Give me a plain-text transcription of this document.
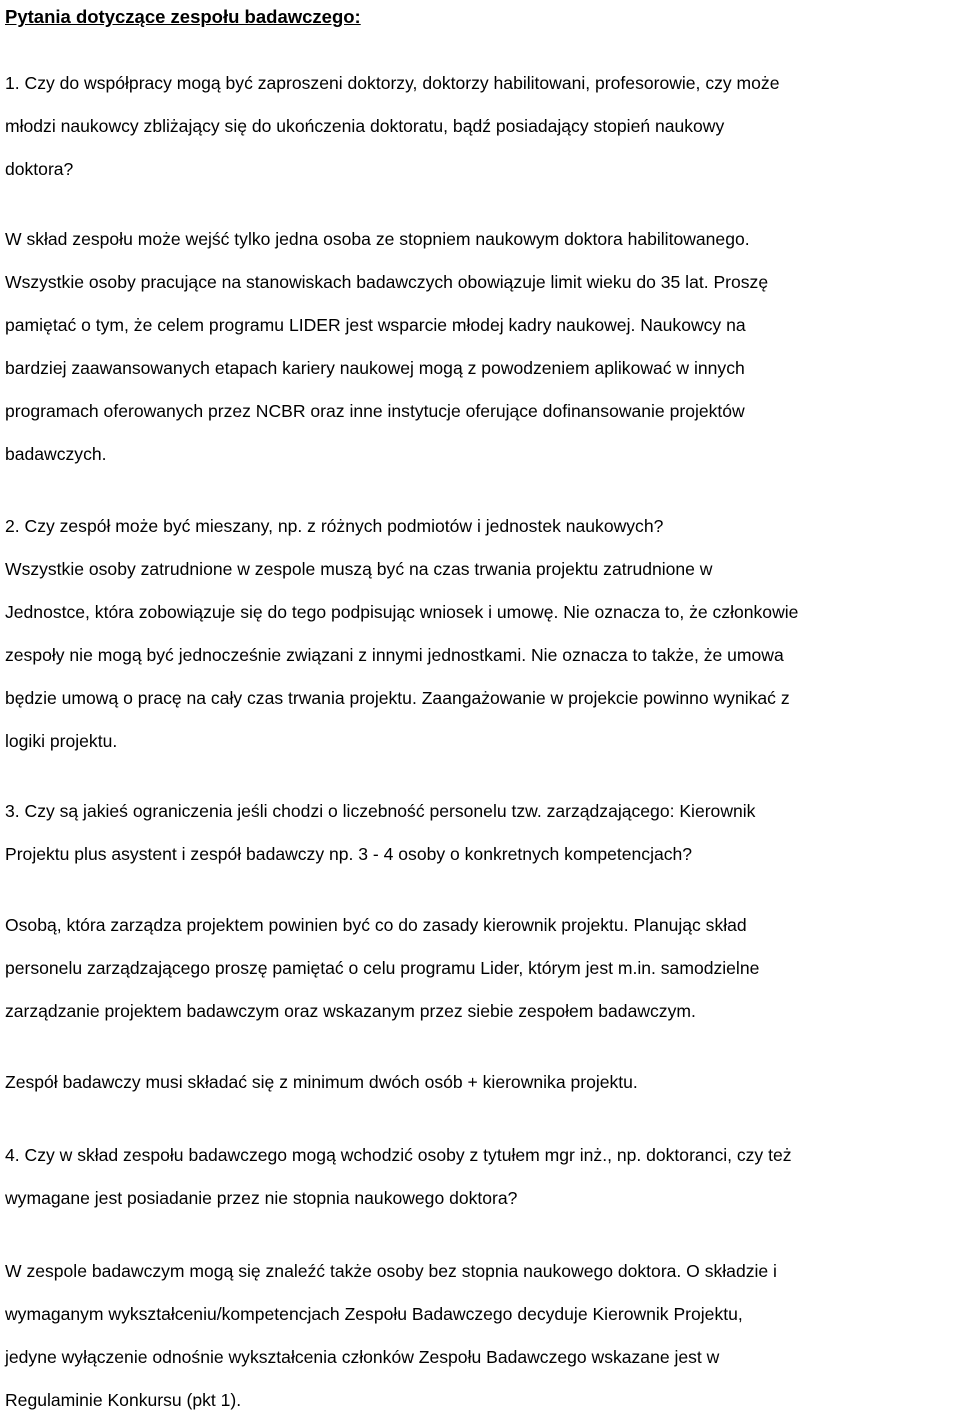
Pytania dotyczące zespołu badawczego:

1. Czy do współpracy mogą być zaproszeni doktorzy, doktorzy habilitowani, profesorowie, czy może
młodzi naukowcy zbliżający się do ukończenia doktoratu, bądź posiadający stopień naukowy
doktora?

W skład zespołu może wejść tylko jedna osoba ze stopniem naukowym doktora habilitowanego.
Wszystkie osoby pracujące na stanowiskach badawczych obowiązuje limit wieku do 35 lat. Proszę
pamiętać o tym, że celem programu LIDER jest wsparcie młodej kadry naukowej. Naukowcy na
bardziej zaawansowanych etapach kariery naukowej mogą z powodzeniem aplikować w innych
programach oferowanych przez NCBR oraz inne instytucje oferujące dofinansowanie projektów
badawczych.

2. Czy zespół może być mieszany, np. z różnych podmiotów i jednostek naukowych?
Wszystkie osoby zatrudnione w zespole muszą być na czas trwania projektu zatrudnione w
Jednostce, która zobowiązuje się do tego podpisując wniosek i umowę. Nie oznacza to, że członkowie
zespoły nie mogą być jednocześnie związani z innymi jednostkami. Nie oznacza to także, że umowa
będzie umową o pracę na cały czas trwania projektu. Zaangażowanie w projekcie powinno wynikać z
logiki projektu.

3. Czy są jakieś ograniczenia jeśli chodzi o liczebność personelu tzw. zarządzającego: Kierownik
Projektu plus asystent i zespół badawczy np. 3 - 4 osoby o konkretnych kompetencjach?

Osobą, która zarządza projektem powinien być co do zasady kierownik projektu. Planując skład
personelu zarządzającego proszę pamiętać o celu programu Lider, którym jest m.in. samodzielne
zarządzanie projektem badawczym oraz wskazanym przez siebie zespołem badawczym.

Zespół badawczy musi składać się z minimum dwóch osób + kierownika projektu.

4. Czy w skład zespołu badawczego mogą wchodzić osoby z tytułem mgr inż., np. doktoranci, czy też
wymagane jest posiadanie przez nie stopnia naukowego doktora?

W zespole badawczym mogą się znaleźć także osoby bez stopnia naukowego doktora. O składzie i
wymaganym wykształceniu/kompetencjach Zespołu Badawczego decyduje Kierownik Projektu,
jedyne wyłączenie odnośnie wykształcenia członków Zespołu Badawczego wskazane jest w
Regulaminie Konkursu (pkt 1).
